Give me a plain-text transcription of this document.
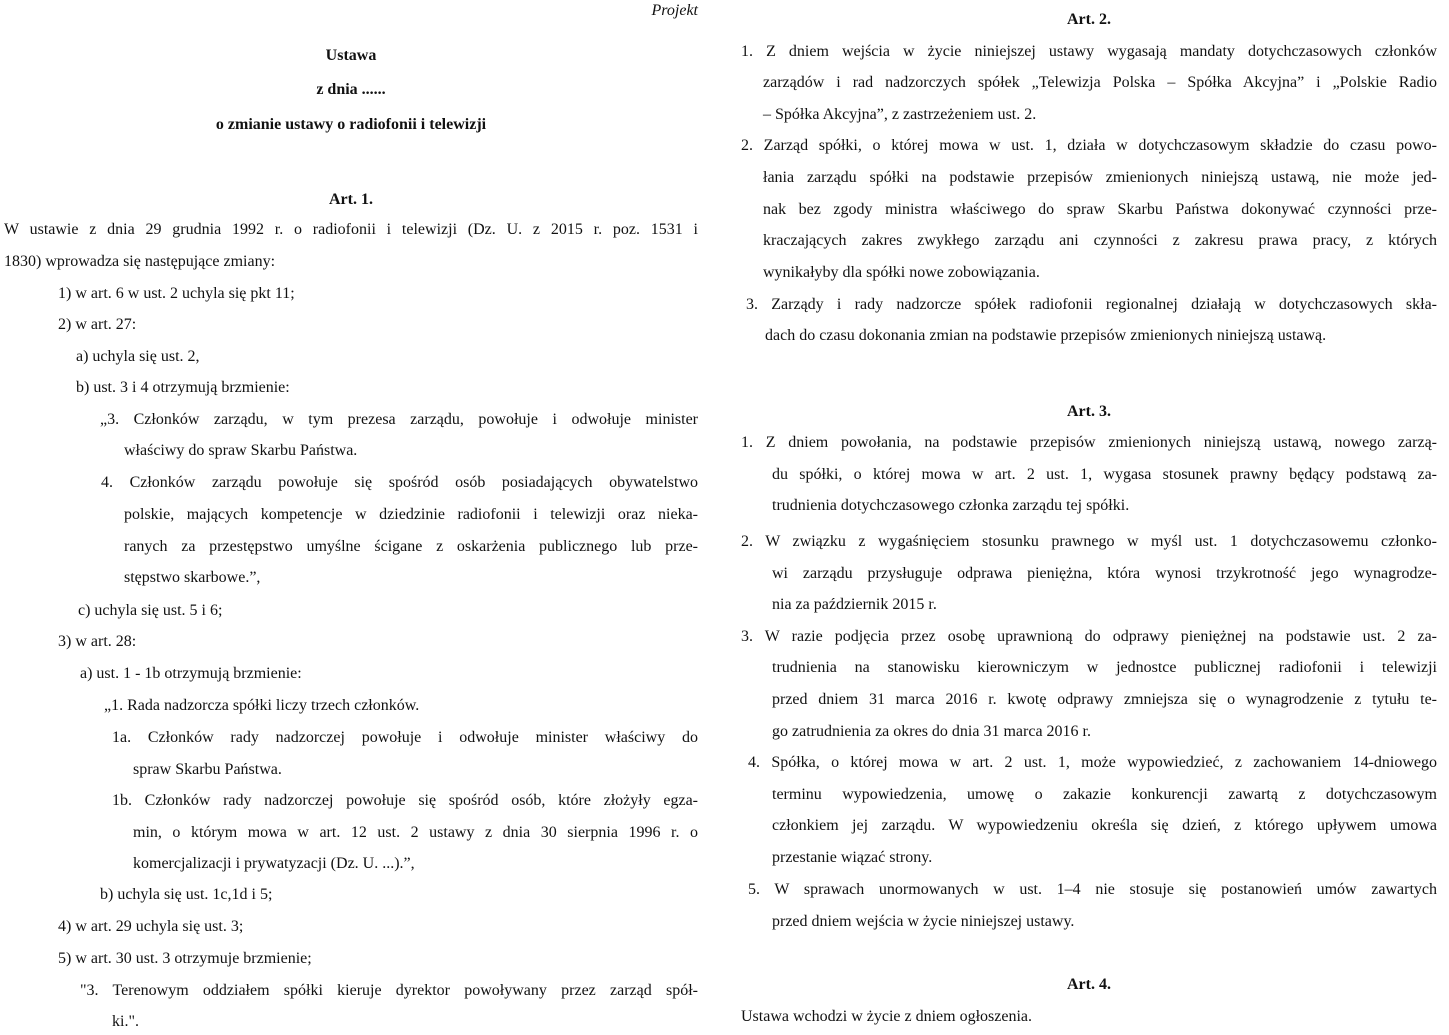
Projekt
Ustawa
z dnia ......
o zmianie ustawy o radiofonii i telewizji
Art. 1.
W ustawie z dnia 29 grudnia 1992 r. o radiofonii i telewizji (Dz. U. z 2015 r. poz. 1531 i
1830) wprowadza się następujące zmiany:
1) w art. 6 w ust. 2 uchyla się pkt 11;
2) w art. 27:
a) uchyla się ust. 2,
b) ust. 3 i 4 otrzymują brzmienie:
„3. Członków zarządu, w tym prezesa zarządu, powołuje i odwołuje minister
właściwy do spraw Skarbu Państwa.
4. Członków zarządu powołuje się spośród osób posiadających obywatelstwo
polskie, mających kompetencje w dziedzinie radiofonii i telewizji oraz nieka-
ranych za przestępstwo umyślne ścigane z oskarżenia publicznego lub prze-
stępstwo skarbowe.”,
c) uchyla się ust. 5 i 6;
3) w art. 28:
a) ust. 1 - 1b otrzymują brzmienie:
„1. Rada nadzorcza spółki liczy trzech członków.
1a. Członków rady nadzorczej powołuje i odwołuje minister właściwy do
spraw Skarbu Państwa.
1b. Członków rady nadzorczej powołuje się spośród osób, które złożyły egza-
min, o którym mowa w art. 12 ust. 2 ustawy z dnia 30 sierpnia 1996 r. o
komercjalizacji i prywatyzacji (Dz. U. ...).”,
b) uchyla się ust. 1c,1d i 5;
4) w art. 29 uchyla się ust. 3;
5) w art. 30 ust. 3 otrzymuje brzmienie;
"3. Terenowym oddziałem spółki kieruje dyrektor powoływany przez zarząd spół-
ki.".
Art. 2.
1. Z dniem wejścia w życie niniejszej ustawy wygasają mandaty dotychczasowych członków
zarządów i rad nadzorczych spółek „Telewizja Polska – Spółka Akcyjna” i „Polskie Radio
– Spółka Akcyjna”, z zastrzeżeniem ust. 2.
2. Zarząd spółki, o której mowa w ust. 1, działa w dotychczasowym składzie do czasu powo-
łania zarządu spółki na podstawie przepisów zmienionych niniejszą ustawą, nie może jed-
nak bez zgody ministra właściwego do spraw Skarbu Państwa dokonywać czynności prze-
kraczających zakres zwykłego zarządu ani czynności z zakresu prawa pracy, z których
wynikałyby dla spółki nowe zobowiązania.
3. Zarządy i rady nadzorcze spółek radiofonii regionalnej działają w dotychczasowych skła-
dach do czasu dokonania zmian na podstawie przepisów zmienionych niniejszą ustawą.
Art. 3.
1. Z dniem powołania, na podstawie przepisów zmienionych niniejszą ustawą, nowego zarzą-
du spółki, o której mowa w art. 2 ust. 1, wygasa stosunek prawny będący podstawą za-
trudnienia dotychczasowego członka zarządu tej spółki.
2. W związku z wygaśnięciem stosunku prawnego w myśl ust. 1 dotychczasowemu członko-
wi zarządu przysługuje odprawa pieniężna, która wynosi trzykrotność jego wynagrodze-
nia za październik 2015 r.
3. W razie podjęcia przez osobę uprawnioną do odprawy pieniężnej na podstawie ust. 2 za-
trudnienia na stanowisku kierowniczym w jednostce publicznej radiofonii i telewizji
przed dniem 31 marca 2016 r. kwotę odprawy zmniejsza się o wynagrodzenie z tytułu te-
go zatrudnienia za okres do dnia 31 marca 2016 r.
4. Spółka, o której mowa w art. 2 ust. 1, może wypowiedzieć, z zachowaniem 14-dniowego
terminu wypowiedzenia, umowę o zakazie konkurencji zawartą z dotychczasowym
członkiem jej zarządu. W wypowiedzeniu określa się dzień, z którego upływem umowa
przestanie wiązać strony.
5. W sprawach unormowanych w ust. 1–4 nie stosuje się postanowień umów zawartych
przed dniem wejścia w życie niniejszej ustawy.
Art. 4.
Ustawa wchodzi w życie z dniem ogłoszenia.
